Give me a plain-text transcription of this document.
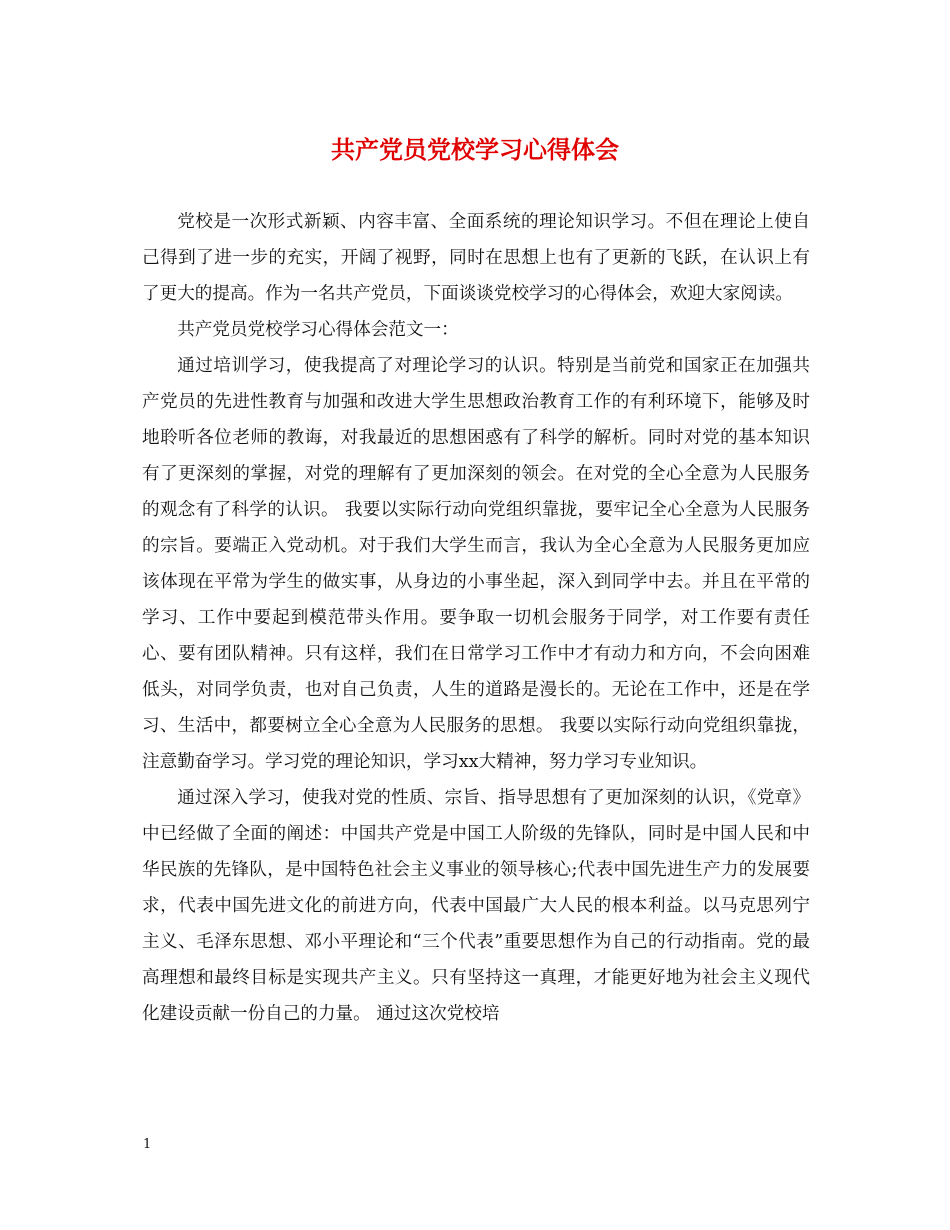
共产党员党校学习心得体会

党校是一次形式新颖、内容丰富、全面系统的理论知识学习。不但在理论上使自己得到了进一步的充实，开阔了视野，同时在思想上也有了更新的飞跃，在认识上有了更大的提高。作为一名共产党员，下面谈谈党校学习的心得体会，欢迎大家阅读。

共产党员党校学习心得体会范文一：

通过培训学习，使我提高了对理论学习的认识。特别是当前党和国家正在加强共产党员的先进性教育与加强和改进大学生思想政治教育工作的有利环境下，能够及时地聆听各位老师的教诲，对我最近的思想困惑有了科学的解析。同时对党的基本知识有了更深刻的掌握，对党的理解有了更加深刻的领会。在对党的全心全意为人民服务的观念有了科学的认识。 我要以实际行动向党组织靠拢，要牢记全心全意为人民服务的宗旨。要端正入党动机。对于我们大学生而言，我认为全心全意为人民服务更加应该体现在平常为学生的做实事，从身边的小事坐起，深入到同学中去。并且在平常的学习、工作中要起到模范带头作用。要争取一切机会服务于同学，对工作要有责任心、要有团队精神。只有这样，我们在日常学习工作中才有动力和方向，不会向困难低头，对同学负责，也对自己负责，人生的道路是漫长的。无论在工作中，还是在学习、生活中，都要树立全心全意为人民服务的思想。 我要以实际行动向党组织靠拢，注意勤奋学习。学习党的理论知识，学习xx大精神，努力学习专业知识。

通过深入学习，使我对党的性质、宗旨、指导思想有了更加深刻的认识，《党章》中已经做了全面的阐述：中国共产党是中国工人阶级的先锋队，同时是中国人民和中华民族的先锋队，是中国特色社会主义事业的领导核心;代表中国先进生产力的发展要求，代表中国先进文化的前进方向，代表中国最广大人民的根本利益。以马克思列宁主义、毛泽东思想、邓小平理论和“三个代表”重要思想作为自己的行动指南。党的最高理想和最终目标是实现共产主义。只有坚持这一真理，才能更好地为社会主义现代化建设贡献一份自己的力量。 通过这次党校培

1
